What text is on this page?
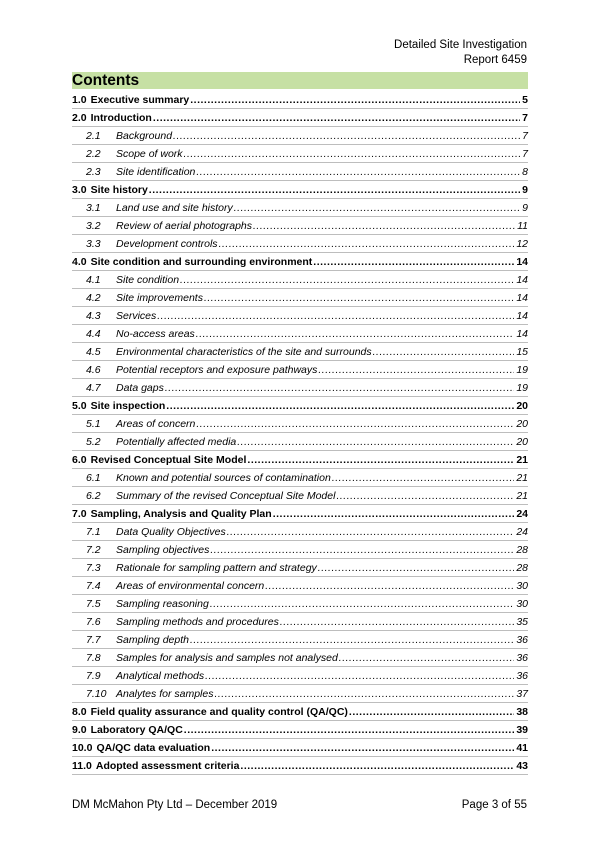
Detailed Site Investigation
Report 6459
Contents
1.0 Executive summary .....	5
2.0 Introduction .....	7
2.1	Background .....	7
2.2	Scope of work .....	7
2.3	Site identification .....	8
3.0 Site history .....	9
3.1	Land use and site history .....	9
3.2	Review of aerial photographs .....	11
3.3	Development controls .....	12
4.0 Site condition and surrounding environment .....	14
4.1	Site condition .....	14
4.2	Site improvements .....	14
4.3	Services .....	14
4.4	No-access areas .....	14
4.5	Environmental characteristics of the site and surrounds .....	15
4.6	Potential receptors and exposure pathways .....	19
4.7	Data gaps .....	19
5.0 Site inspection .....	20
5.1	Areas of concern .....	20
5.2	Potentially affected media .....	20
6.0 Revised Conceptual Site Model .....	21
6.1	Known and potential sources of contamination .....	21
6.2	Summary of the revised Conceptual Site Model .....	21
7.0 Sampling, Analysis and Quality Plan .....	24
7.1	Data Quality Objectives .....	24
7.2	Sampling objectives .....	28
7.3	Rationale for sampling pattern and strategy .....	28
7.4	Areas of environmental concern .....	30
7.5	Sampling reasoning .....	30
7.6	Sampling methods and procedures .....	35
7.7	Sampling depth .....	36
7.8	Samples for analysis and samples not analysed .....	36
7.9	Analytical methods .....	36
7.10 Analytes for samples .....	37
8.0 Field quality assurance and quality control (QA/QC) .....	38
9.0 Laboratory QA/QC .....	39
10.0 QA/QC data evaluation .....	41
11.0 Adopted assessment criteria .....	43
DM McMahon Pty Ltd – December 2019	Page 3 of 55
